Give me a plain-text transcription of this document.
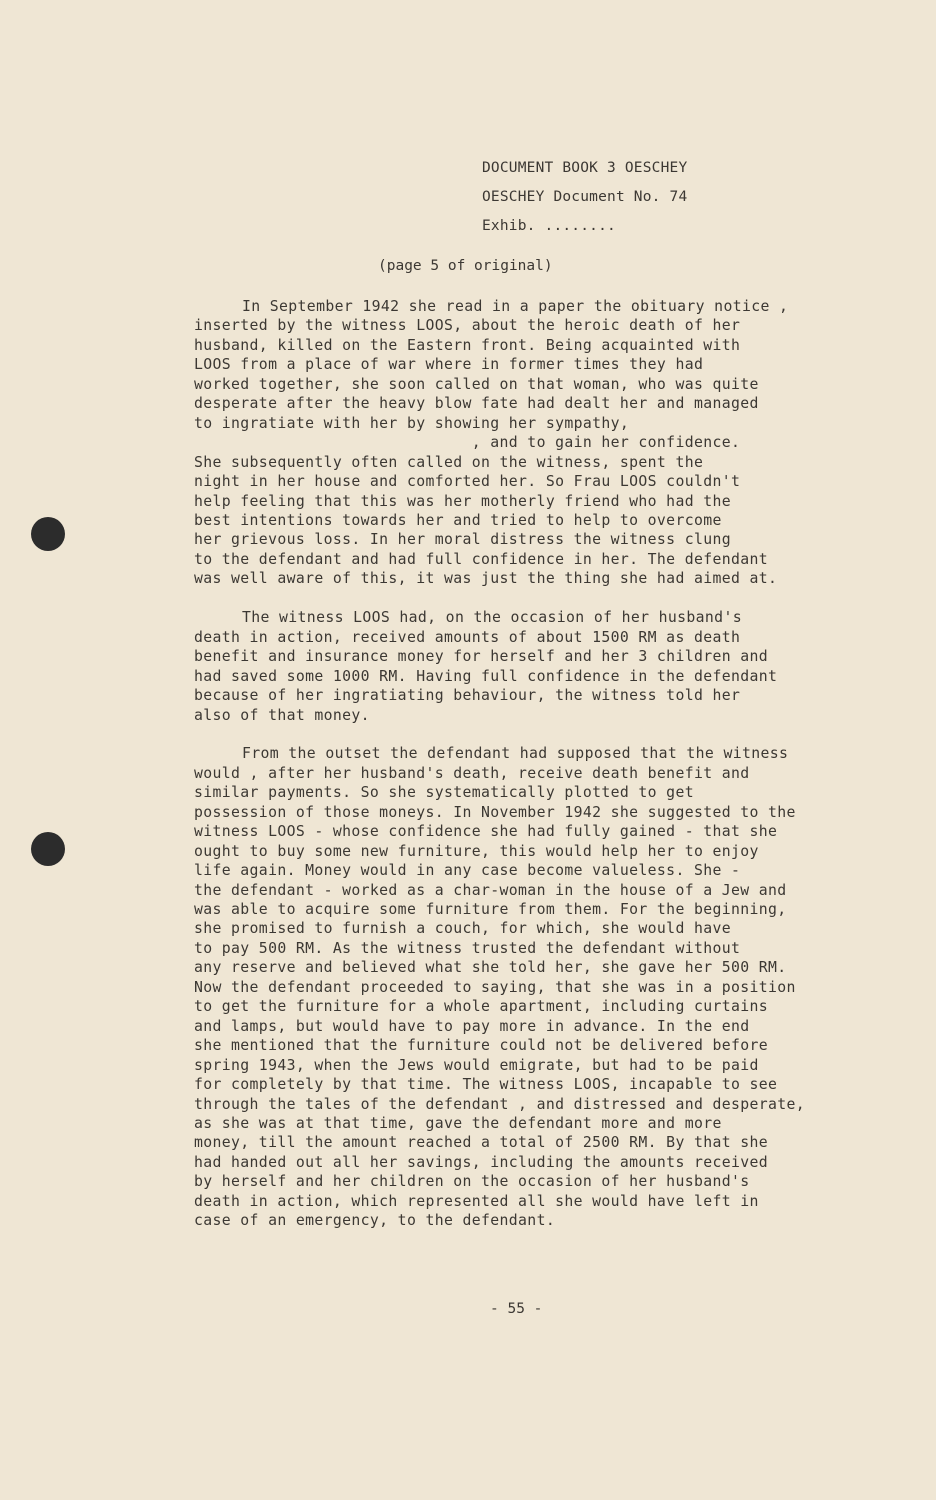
DOCUMENT BOOK 3 OESCHEY
OESCHEY Document No. 74
Exhib. ........
(page 5 of original)
In September 1942 she read in a paper the obituary notice ,
inserted by the witness LOOS, about the heroic death of her
husband, killed on the Eastern front. Being acquainted with
LOOS from a place of war where in former times they had
worked together, she soon called on that woman, who was quite
desperate after the heavy blow fate had dealt her and managed
to ingratiate with her by showing her sympathy,
, and to gain her confidence.
She subsequently often called on the witness, spent the
night in her house and comforted her. So Frau LOOS couldn't
help feeling that this was her motherly friend who had the
best intentions towards her and tried to help to overcome
her grievous loss. In her moral distress the witness clung
to the defendant and had full confidence in her. The defendant
was well aware of this, it was just the thing she had aimed at.
The witness LOOS had, on the occasion of her husband's
death in action, received amounts of about 1500 RM as death
benefit and insurance money for herself and her 3 children and
had saved some 1000 RM. Having full confidence in the defendant
because of her ingratiating behaviour, the witness told her
also of that money.
From the outset the defendant had supposed that the witness
would , after her husband's death, receive death benefit and
similar payments. So she systematically plotted to get
possession of those moneys. In November 1942 she suggested to the
witness LOOS - whose confidence she had fully gained - that she
ought to buy some new furniture, this would help her to enjoy
life again. Money would in any case become valueless. She -
the defendant - worked as a char-woman in the house of a Jew and
was able to acquire some furniture from them. For the beginning,
she promised to furnish a couch, for which, she would have
to pay 500 RM. As the witness trusted the defendant without
any reserve and believed what she told her, she gave her 500 RM.
Now the defendant proceeded to saying, that she was in a position
to get the furniture for a whole apartment, including curtains
and lamps, but would have to pay more in advance. In the end
she mentioned that the furniture could not be delivered before
spring 1943, when the Jews would emigrate, but had to be paid
for completely by that time. The witness LOOS, incapable to see
through the tales of the defendant , and distressed and desperate,
as she was at that time, gave the defendant more and more
money, till the amount reached a total of 2500 RM. By that she
had handed out all her savings, including the amounts received
by herself and her children on the occasion of her husband's
death in action, which represented all she would have left in
case of an emergency, to the defendant.
- 55 -
